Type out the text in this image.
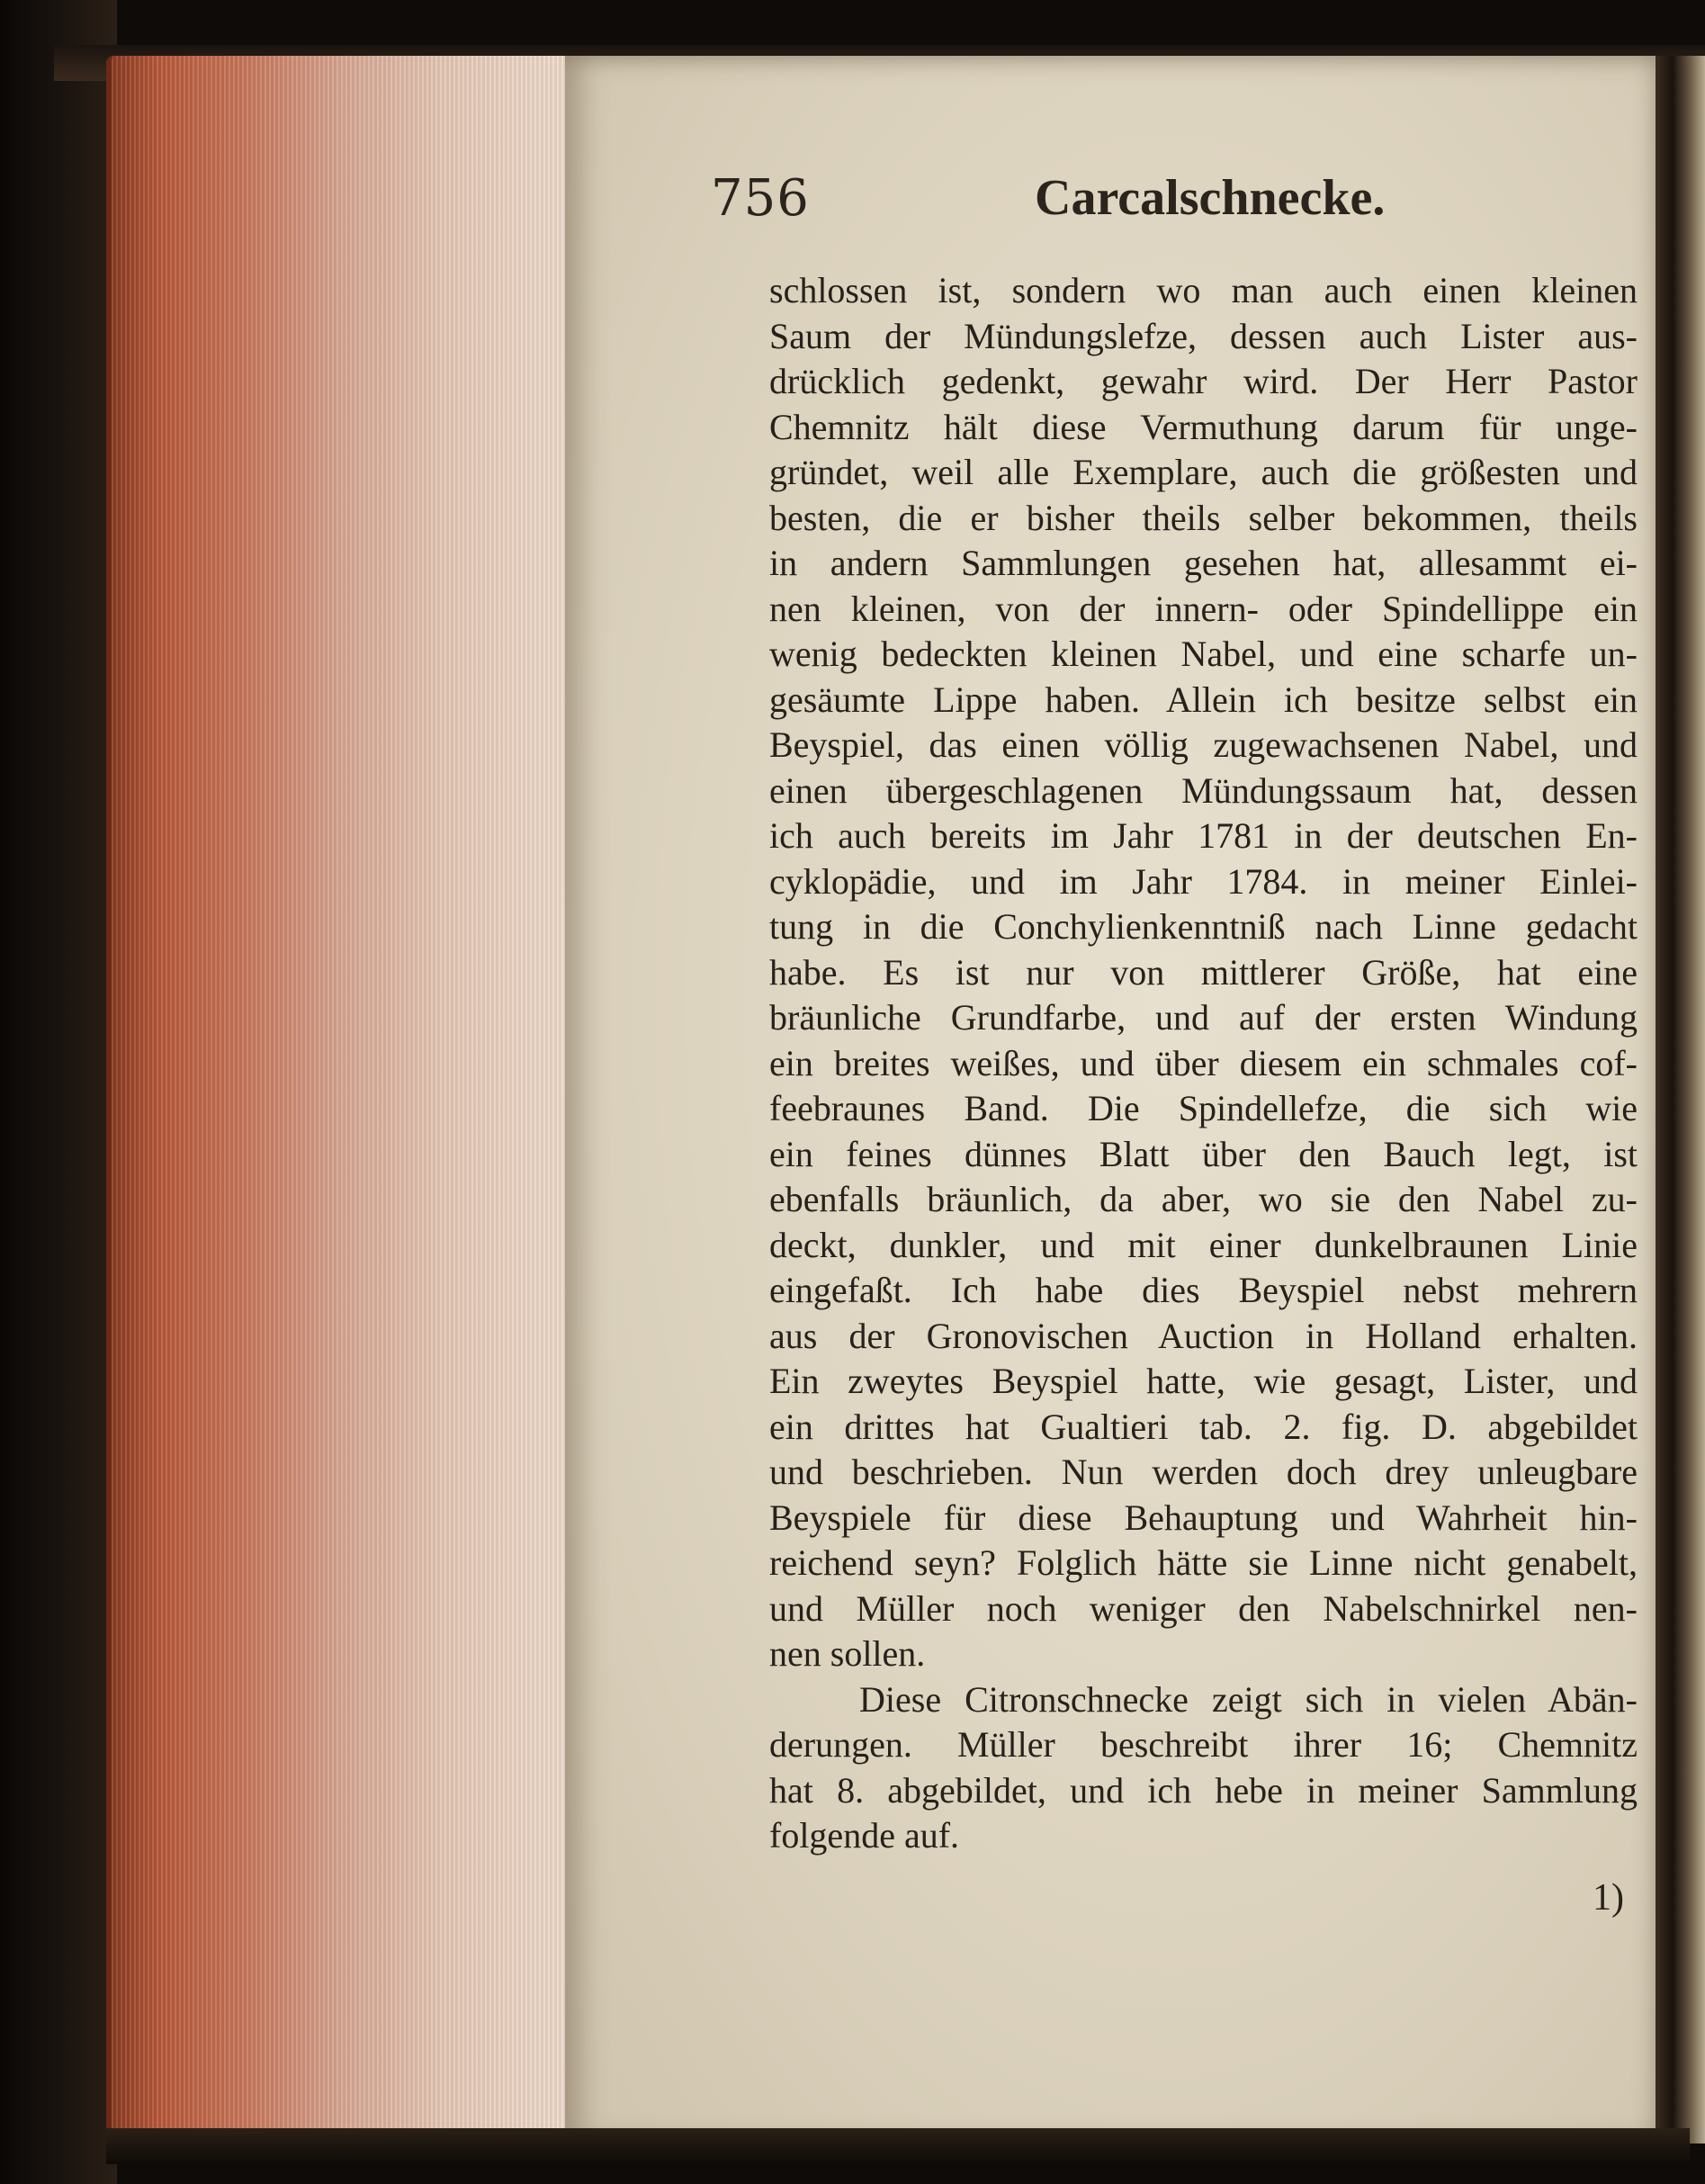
756	Carcalschnecke.
schlossen ist, sondern wo man auch einen kleinen
Saum der Mündungslefze, dessen auch Lister aus-
drücklich gedenkt, gewahr wird. Der Herr Pastor
Chemnitz hält diese Vermuthung darum für unge-
gründet, weil alle Exemplare, auch die größesten und
besten, die er bisher theils selber bekommen, theils
in andern Sammlungen gesehen hat, allesammt ei-
nen kleinen, von der innern- oder Spindellippe ein
wenig bedeckten kleinen Nabel, und eine scharfe un-
gesäumte Lippe haben. Allein ich besitze selbst ein
Beyspiel, das einen völlig zugewachsenen Nabel, und
einen übergeschlagenen Mündungssaum hat, dessen
ich auch bereits im Jahr 1781 in der deutschen En-
cyklopädie, und im Jahr 1784. in meiner Einlei-
tung in die Conchylienkenntniß nach Linne gedacht
habe. Es ist nur von mittlerer Größe, hat eine
bräunliche Grundfarbe, und auf der ersten Windung
ein breites weißes, und über diesem ein schmales cof-
feebraunes Band. Die Spindellefze, die sich wie
ein feines dünnes Blatt über den Bauch legt, ist
ebenfalls bräunlich, da aber, wo sie den Nabel zu-
deckt, dunkler, und mit einer dunkelbraunen Linie
eingefaßt. Ich habe dies Beyspiel nebst mehrern
aus der Gronovischen Auction in Holland erhalten.
Ein zweytes Beyspiel hatte, wie gesagt, Lister, und
ein drittes hat Gualtieri tab. 2. fig. D. abgebildet
und beschrieben. Nun werden doch drey unleugbare
Beyspiele für diese Behauptung und Wahrheit hin-
reichend seyn? Folglich hätte sie Linne nicht genabelt,
und Müller noch weniger den Nabelschnirkel nen-
nen sollen.
Diese Citronschnecke zeigt sich in vielen Abän-
derungen. Müller beschreibt ihrer 16; Chemnitz
hat 8. abgebildet, und ich hebe in meiner Sammlung
folgende auf.
1)
